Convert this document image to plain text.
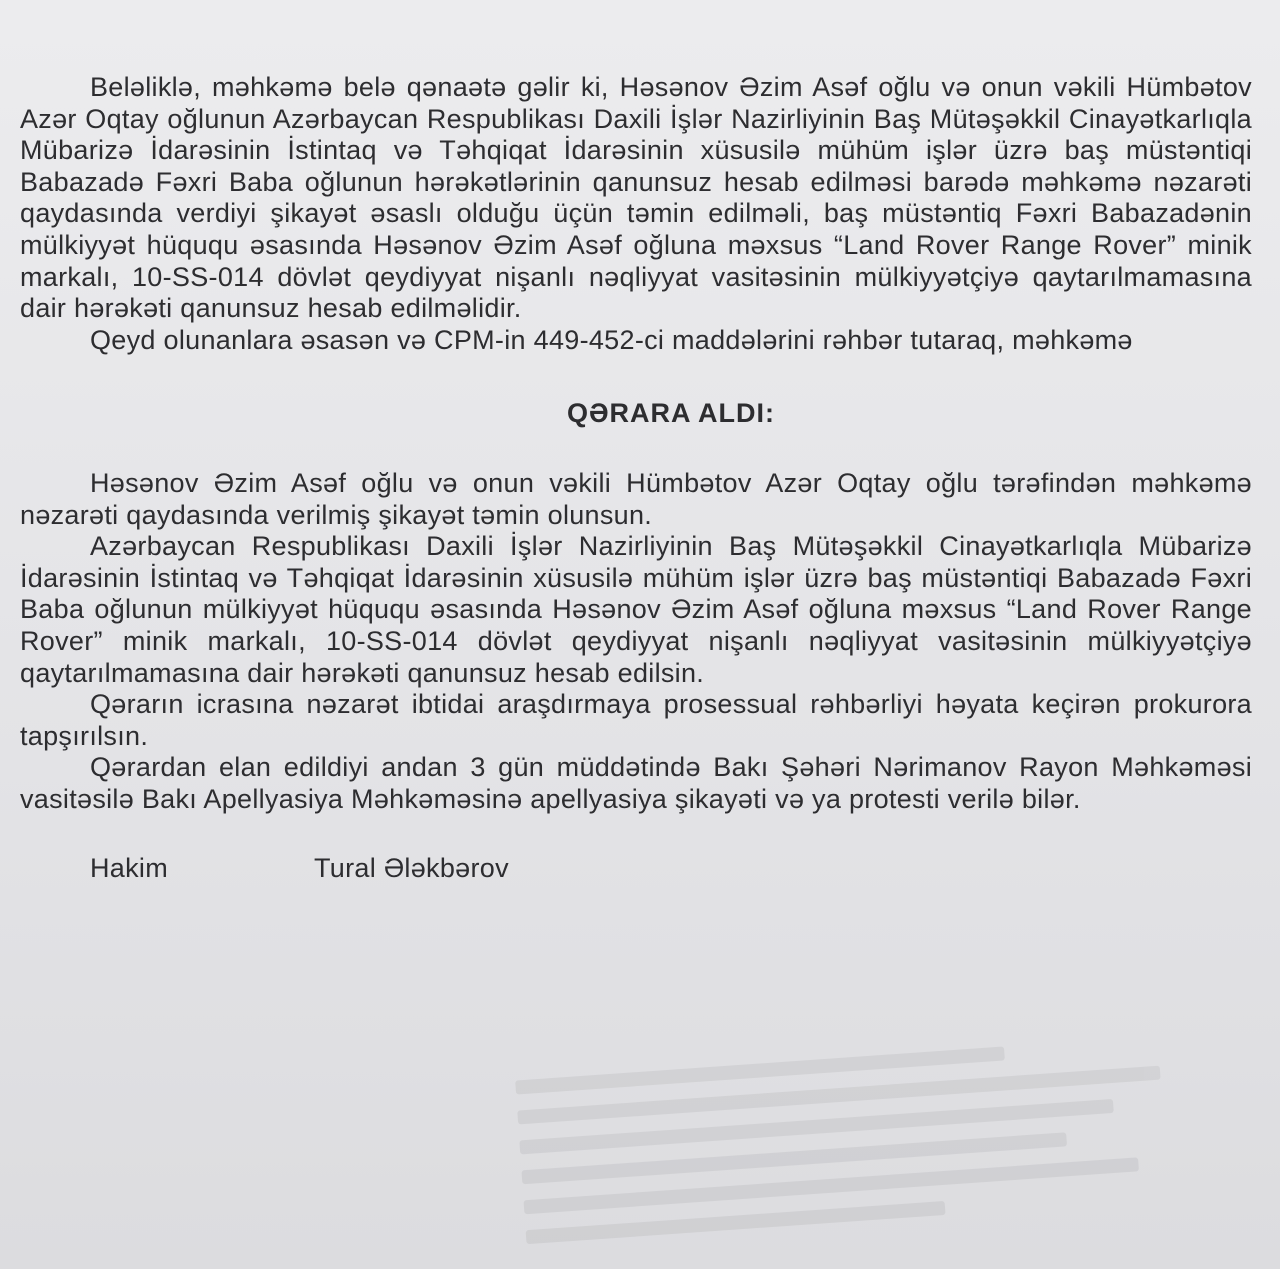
Beləliklə, məhkəmə belə qənaətə gəlir ki, Həsənov Əzim Asəf oğlu və onun vəkili Hümbətov Azər Oqtay oğlunun Azərbaycan Respublikası Daxili İşlər Nazirliyinin Baş Mütəşəkkil Cinayətkarlıqla Mübarizə İdarəsinin İstintaq və Təhqiqat İdarəsinin xüsusilə mühüm işlər üzrə baş müstəntiqi Babazadə Fəxri Baba oğlunun hərəkətlərinin qanunsuz hesab edilməsi barədə məhkəmə nəzarəti qaydasında verdiyi şikayət əsaslı olduğu üçün təmin edilməli, baş müstəntiq Fəxri Babazadənin mülkiyyət hüququ əsasında Həsənov Əzim Asəf oğluna məxsus “Land Rover Range Rover” minik markalı, 10-SS-014 dövlət qeydiyyat nişanlı nəqliyyat vasitəsinin mülkiyyətçiyə qaytarılmamasına dair hərəkəti qanunsuz hesab edilməlidir.

Qeyd olunanlara əsasən və CPM-in 449-452-ci maddələrini rəhbər tutaraq, məhkəmə

QƏRARA ALDI:

Həsənov Əzim Asəf oğlu və onun vəkili Hümbətov Azər Oqtay oğlu tərəfindən məhkəmə nəzarəti qaydasında verilmiş şikayət təmin olunsun.

Azərbaycan Respublikası Daxili İşlər Nazirliyinin Baş Mütəşəkkil Cinayətkarlıqla Mübarizə İdarəsinin İstintaq və Təhqiqat İdarəsinin xüsusilə mühüm işlər üzrə baş müstəntiqi Babazadə Fəxri Baba oğlunun mülkiyyət hüququ əsasında Həsənov Əzim Asəf oğluna məxsus “Land Rover Range Rover” minik markalı, 10-SS-014 dövlət qeydiyyat nişanlı nəqliyyat vasitəsinin mülkiyyətçiyə qaytarılmamasına dair hərəkəti qanunsuz hesab edilsin.

Qərarın icrasına nəzarət ibtidai araşdırmaya prosessual rəhbərliyi həyata keçirən prokurora tapşırılsın.

Qərardan elan edildiyi andan 3 gün müddətində Bakı Şəhəri Nərimanov Rayon Məhkəməsi vasitəsilə Bakı Apellyasiya Məhkəməsinə apellyasiya şikayəti və ya protesti verilə bilər.

Hakim	Tural Ələkbərov
